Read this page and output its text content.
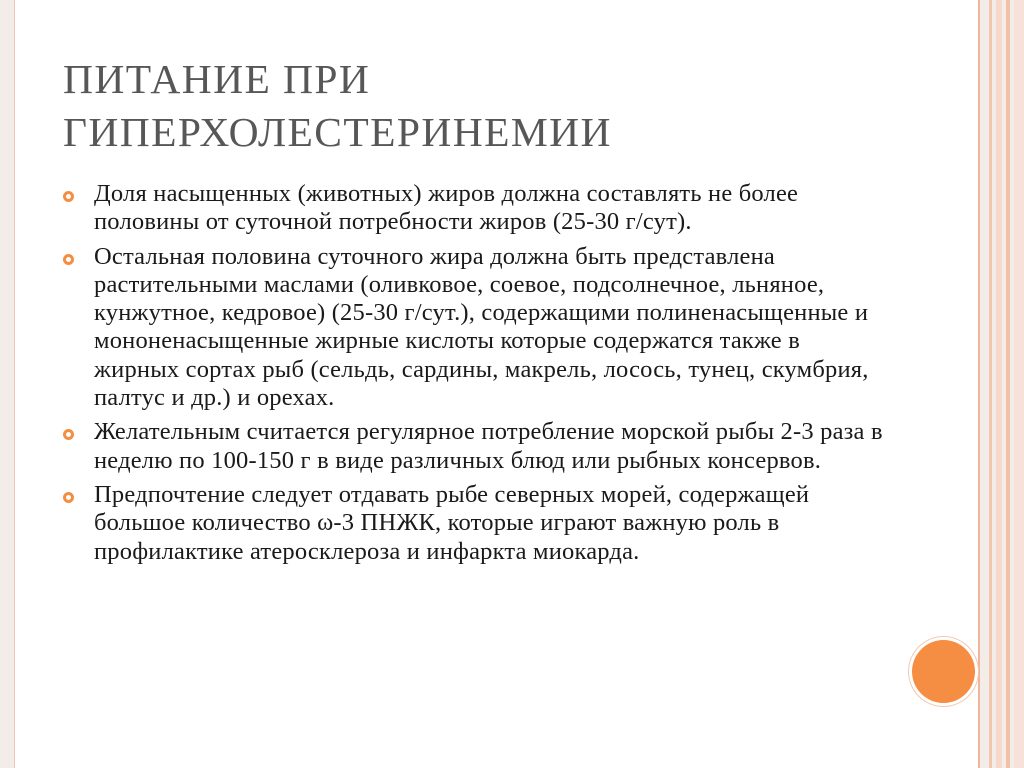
ПИТАНИЕ ПРИ
ГИПЕРХОЛЕСТЕРИНЕМИИ
Доля насыщенных (животных) жиров должна составлять не более половины от суточной потребности жиров (25-30 г/сут).
Остальная половина суточного жира должна быть представлена растительными маслами (оливковое, соевое, подсолнечное, льняное, кунжутное, кедровое) (25-30 г/сут.), содержащими полиненасыщенные и мононенасыщенные жирные кислоты которые содержатся также в жирных сортах рыб (сельдь, сардины, макрель, лосось, тунец, скумбрия, палтус и др.) и орехах.
Желательным считается регулярное потребление морской рыбы 2-3 раза в неделю по 100-150 г в виде различных блюд или рыбных консервов.
Предпочтение следует отдавать рыбе северных морей, содержащей большое количество ω-3 ПНЖК, которые играют важную роль в профилактике атеросклероза и инфаркта миокарда.
